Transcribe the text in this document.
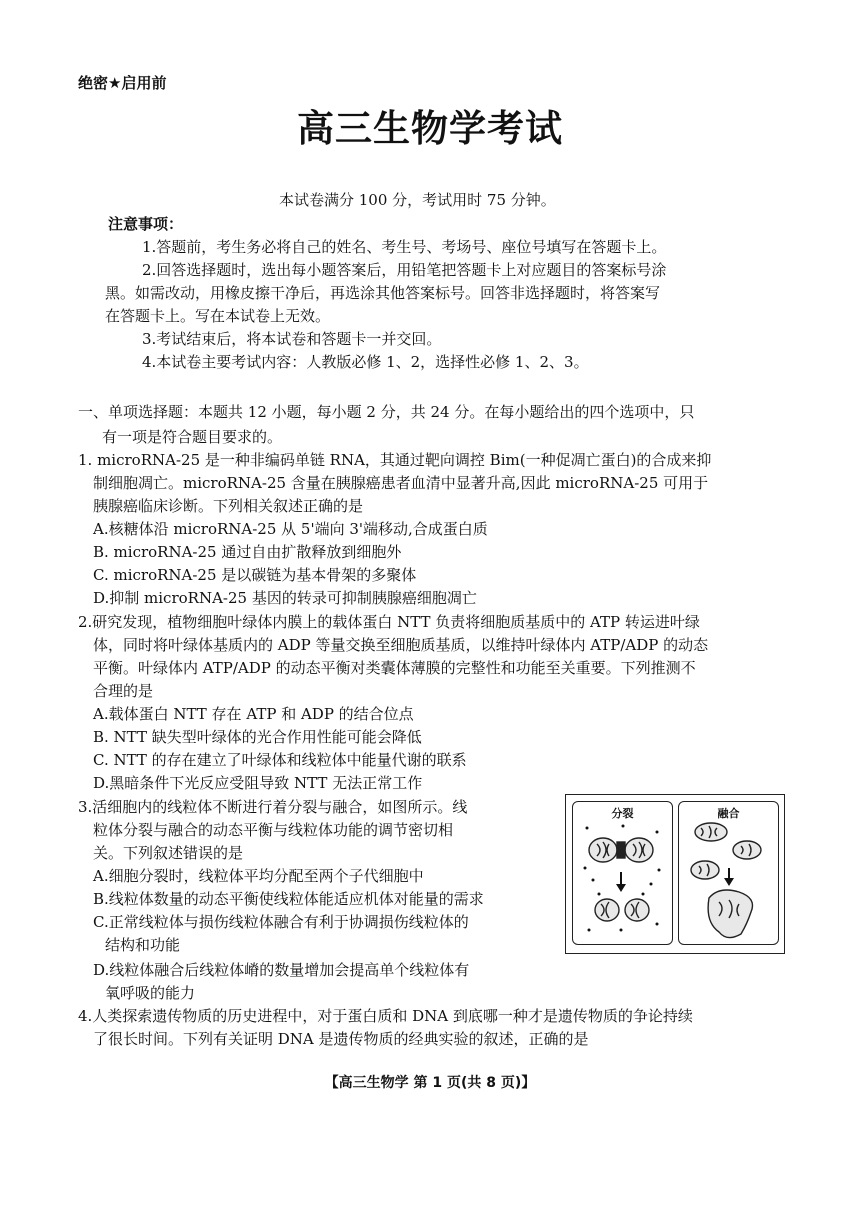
绝密★启用前
高三生物学考试
本试卷满分 100 分，考试用时 75 分钟。
注意事项：
1.答题前，考生务必将自己的姓名、考生号、考场号、座位号填写在答题卡上。
2.回答选择题时，选出每小题答案后，用铅笔把答题卡上对应题目的答案标号涂
黑。如需改动，用橡皮擦干净后，再选涂其他答案标号。回答非选择题时，将答案写
在答题卡上。写在本试卷上无效。
3.考试结束后，将本试卷和答题卡一并交回。
4.本试卷主要考试内容：人教版必修 1、2，选择性必修 1、2、3。
一、单项选择题：本题共 12 小题，每小题 2 分，共 24 分。在每小题给出的四个选项中，只
有一项是符合题目要求的。
1. microRNA-25 是一种非编码单链 RNA，其通过靶向调控 Bim(一种促凋亡蛋白)的合成来抑
制细胞凋亡。microRNA-25 含量在胰腺癌患者血清中显著升高,因此 microRNA-25 可用于
胰腺癌临床诊断。下列相关叙述正确的是
A.核糖体沿 microRNA-25 从 5'端向 3'端移动,合成蛋白质
B. microRNA-25 通过自由扩散释放到细胞外
C. microRNA-25 是以碳链为基本骨架的多聚体
D.抑制 microRNA-25 基因的转录可抑制胰腺癌细胞凋亡
2.研究发现，植物细胞叶绿体内膜上的载体蛋白 NTT 负责将细胞质基质中的 ATP 转运进叶绿
体，同时将叶绿体基质内的 ADP 等量交换至细胞质基质，以维持叶绿体内 ATP/ADP 的动态
平衡。叶绿体内 ATP/ADP 的动态平衡对类囊体薄膜的完整性和功能至关重要。下列推测不
合理的是
A.载体蛋白 NTT 存在 ATP 和 ADP 的结合位点
B. NTT 缺失型叶绿体的光合作用性能可能会降低
C. NTT 的存在建立了叶绿体和线粒体中能量代谢的联系
D.黑暗条件下光反应受阻导致 NTT 无法正常工作
3.活细胞内的线粒体不断进行着分裂与融合，如图所示。线
粒体分裂与融合的动态平衡与线粒体功能的调节密切相
关。下列叙述错误的是
A.细胞分裂时，线粒体平均分配至两个子代细胞中
B.线粒体数量的动态平衡使线粒体能适应机体对能量的需求
C.正常线粒体与损伤线粒体融合有利于协调损伤线粒体的
结构和功能
D.线粒体融合后线粒体嵴的数量增加会提高单个线粒体有
氧呼吸的能力
分裂	融合
4.人类探索遗传物质的历史进程中，对于蛋白质和 DNA 到底哪一种才是遗传物质的争论持续
了很长时间。下列有关证明 DNA 是遗传物质的经典实验的叙述，正确的是
【高三生物学 第 1 页(共 8 页)】
